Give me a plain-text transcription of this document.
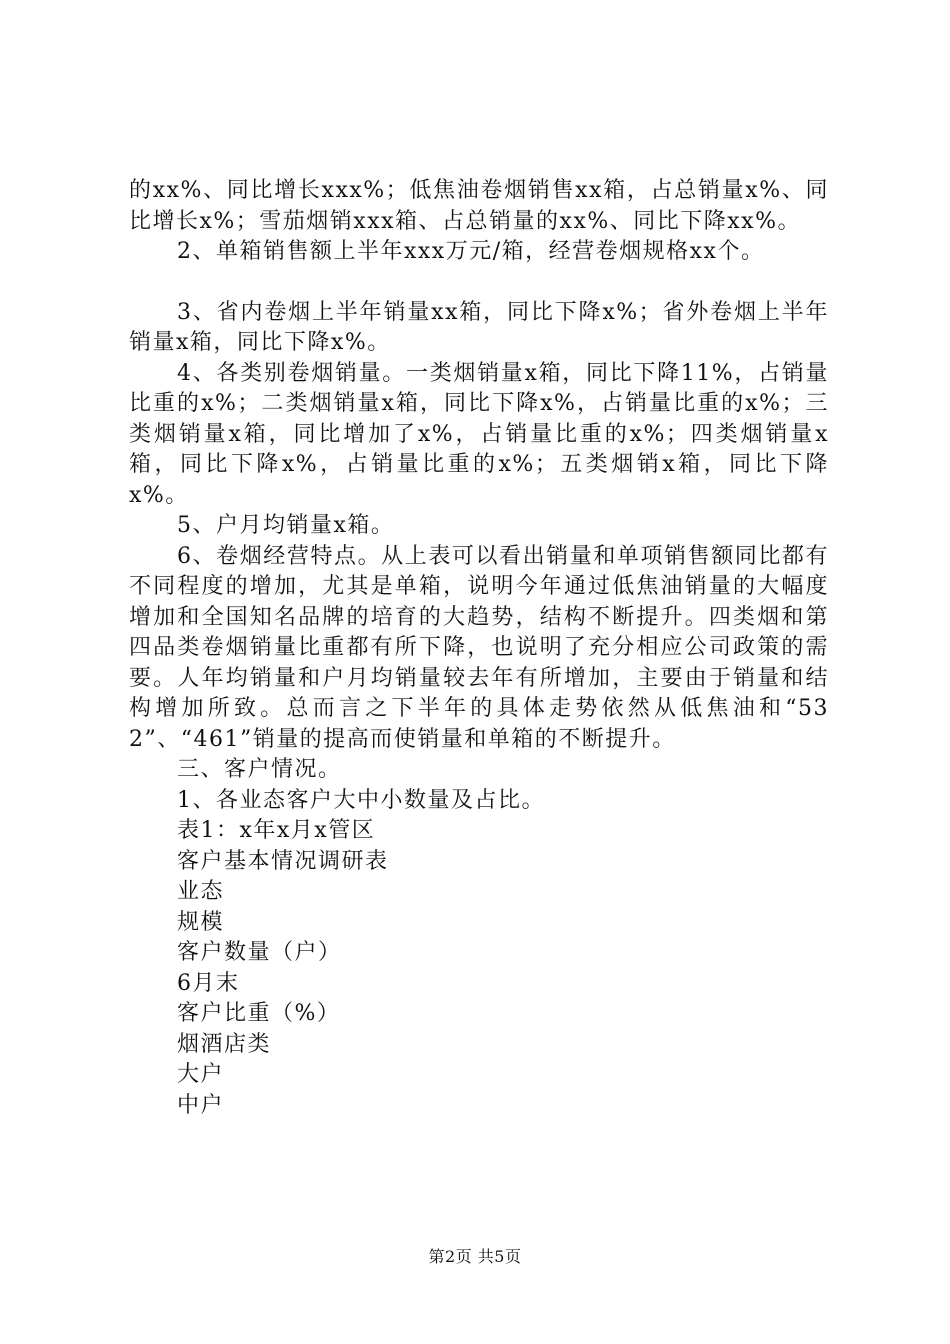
的xx%、同比增长xxx%；低焦油卷烟销售xx箱，占总销量x%、同比增长x%；雪茄烟销xxx箱、占总销量的xx%、同比下降xx%。

2、单箱销售额上半年xxx万元/箱，经营卷烟规格xx个。

3、省内卷烟上半年销量xx箱，同比下降x%；省外卷烟上半年销量x箱，同比下降x%。

4、各类别卷烟销量。一类烟销量x箱，同比下降11%，占销量比重的x%；二类烟销量x箱，同比下降x%，占销量比重的x%；三类烟销量x箱，同比增加了x%，占销量比重的x%；四类烟销量x箱，同比下降x%，占销量比重的x%；五类烟销x箱，同比下降x%。

5、户月均销量x箱。

6、卷烟经营特点。从上表可以看出销量和单项销售额同比都有不同程度的增加，尤其是单箱，说明今年通过低焦油销量的大幅度增加和全国知名品牌的培育的大趋势，结构不断提升。四类烟和第四品类卷烟销量比重都有所下降，也说明了充分相应公司政策的需要。人年均销量和户月均销量较去年有所增加，主要由于销量和结构增加所致。总而言之下半年的具体走势依然从低焦油和“532”、“461”销量的提高而使销量和单箱的不断提升。

三、客户情况。

1、各业态客户大中小数量及占比。

表1：x年x月x管区

客户基本情况调研表

业态

规模

客户数量（户）

6月末

客户比重（%）

烟酒店类

大户

中户

第2页 共5页
